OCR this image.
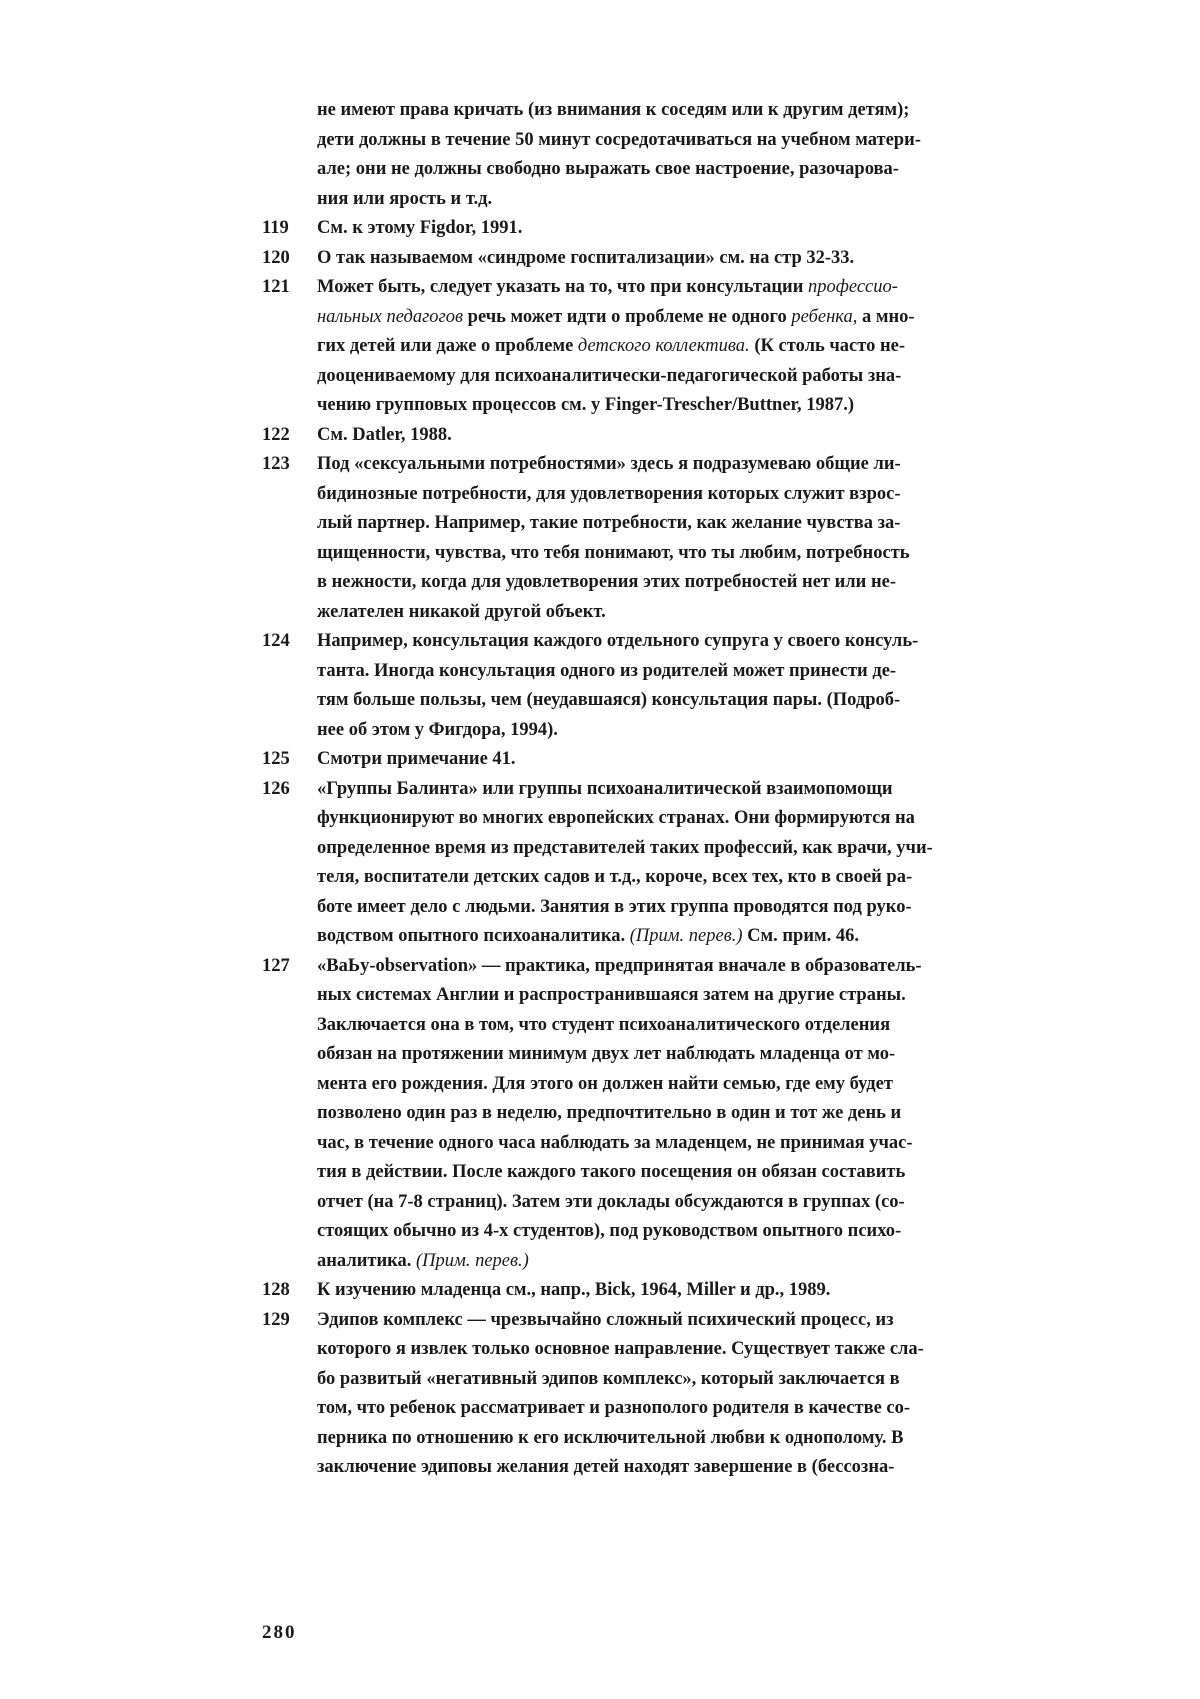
не имеют права кричать (из внимания к соседям или к другим детям);
дети должны в течение 50 минут сосредотачиваться на учебном матери-
але; они не должны свободно выражать свое настроение, разочарова-
ния или ярость и т.д.
119 См. к этому Figdor, 1991.
120 О так называемом «синдроме госпитализации» см. на стр 32-33.
121 Может быть, следует указать на то, что при консультации профессио-
нальных педагогов речь может идти о проблеме не одного ребенка, а мно-
гих детей или даже о проблеме детского коллектива. (К столь часто не-
дооцениваемому для психоаналитически-педагогической работы зна-
чению групповых процессов см. у Finger-Trescher/Buttner, 1987.)
122 См. Datler, 1988.
123 Под «сексуальными потребностями» здесь я подразумеваю общие ли-
бидинозные потребности, для удовлетворения которых служит взрос-
лый партнер. Например, такие потребности, как желание чувства за-
щищенности, чувства, что тебя понимают, что ты любим, потребность
в нежности, когда для удовлетворения этих потребностей нет или не-
желателен никакой другой объект.
124 Например, консультация каждого отдельного супруга у своего консуль-
танта. Иногда консультация одного из родителей может принести де-
тям больше пользы, чем (неудавшаяся) консультация пары. (Подроб-
нее об этом у Фигдора, 1994).
125 Смотри примечание 41.
126 «Группы Балинта» или группы психоаналитической взаимопомощи
функционируют во многих европейских странах. Они формируются на
определенное время из представителей таких профессий, как врачи, учи-
теля, воспитатели детских садов и т.д., короче, всех тех, кто в своей ра-
боте имеет дело с людьми. Занятия в этих группа проводятся под руко-
водством опытного психоаналитика. (Прим. перев.) См. прим. 46.
127 «ВаЬу-observation» — практика, предпринятая вначале в образователь-
ных системах Англии и распространившаяся затем на другие страны.
Заключается она в том, что студент психоаналитического отделения
обязан на протяжении минимум двух лет наблюдать младенца от мо-
мента его рождения. Для этого он должен найти семью, где ему будет
позволено один раз в неделю, предпочтительно в один и тот же день и
час, в течение одного часа наблюдать за младенцем, не принимая учас-
тия в действии. После каждого такого посещения он обязан составить
отчет (на 7-8 страниц). Затем эти доклады обсуждаются в группах (со-
стоящих обычно из 4-х студентов), под руководством опытного психо-
аналитика. (Прим. перев.)
128 К изучению младенца см., напр., Bick, 1964, Miller и др., 1989.
129 Эдипов комплекс — чрезвычайно сложный психический процесс, из
которого я извлек только основное направление. Существует также сла-
бо развитый «негативный эдипов комплекс», который заключается в
том, что ребенок рассматривает и разнополого родителя в качестве со-
перника по отношению к его исключительной любви к однополому. В
заключение эдиповы желания детей находят завершение в (бессозна-
280
